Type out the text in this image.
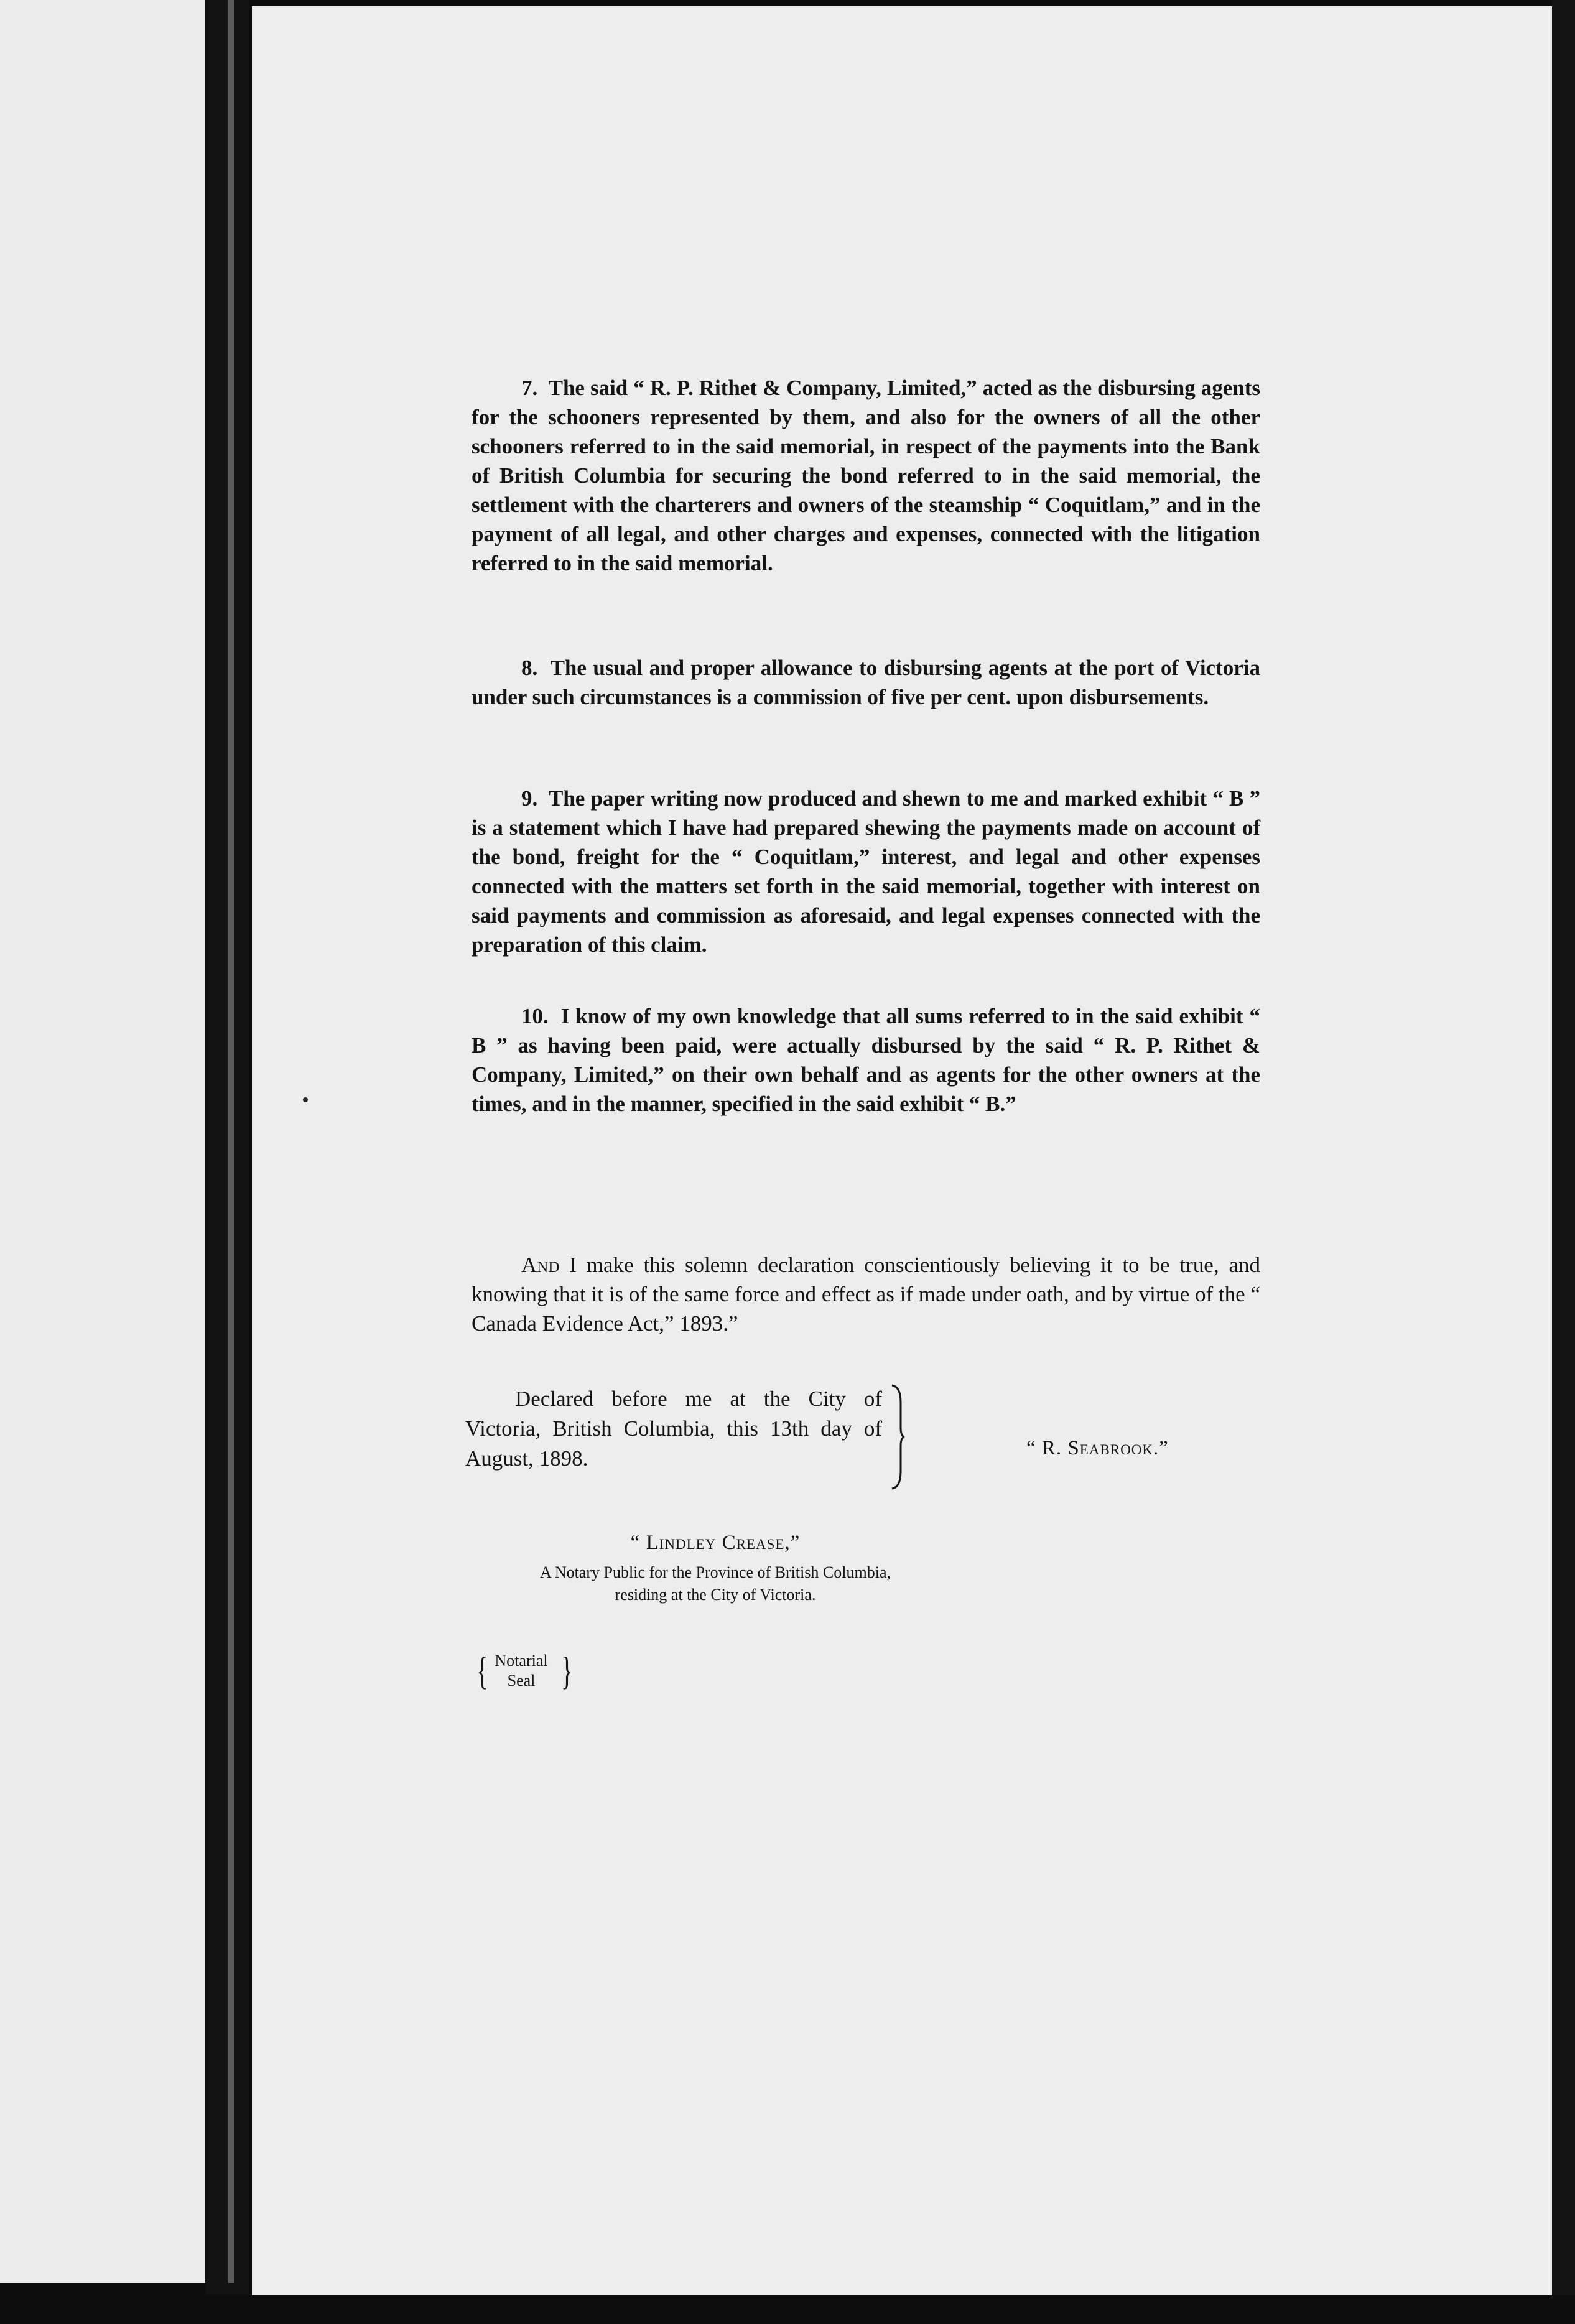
7. The said “ R. P. Rithet & Company, Limited,” acted as the disbursing agents for the schooners represented by them, and also for the owners of all the other schooners referred to in the said memorial, in respect of the payments into the Bank of British Columbia for securing the bond referred to in the said memorial, the settlement with the charterers and owners of the steamship “ Coquitlam,” and in the payment of all legal, and other charges and expenses, connected with the litigation referred to in the said memorial.

8. The usual and proper allowance to disbursing agents at the port of Victoria under such circumstances is a commission of five per cent. upon disbursements.

9. The paper writing now produced and shewn to me and marked exhibit “ B ” is a statement which I have had prepared shewing the payments made on account of the bond, freight for the “ Coquitlam,” interest, and legal and other expenses connected with the matters set forth in the said memorial, together with interest on said payments and commission as aforesaid, and legal expenses connected with the preparation of this claim.

10. I know of my own knowledge that all sums referred to in the said exhibit “ B ” as having been paid, were actually disbursed by the said “ R. P. Rithet & Company, Limited,” on their own behalf and as agents for the other owners at the times, and in the manner, specified in the said exhibit “ B.”

And I make this solemn declaration conscientiously believing it to be true, and knowing that it is of the same force and effect as if made under oath, and by virtue of the “ Canada Evidence Act,” 1893.”

Declared before me at the City of Victoria, British Columbia, this 13th day of August, 1898.	“ R. Seabrook.”
“ Lindley Crease,”
A Notary Public for the Province of British Columbia,
residing at the City of Victoria.
{ Notarial
Seal }
